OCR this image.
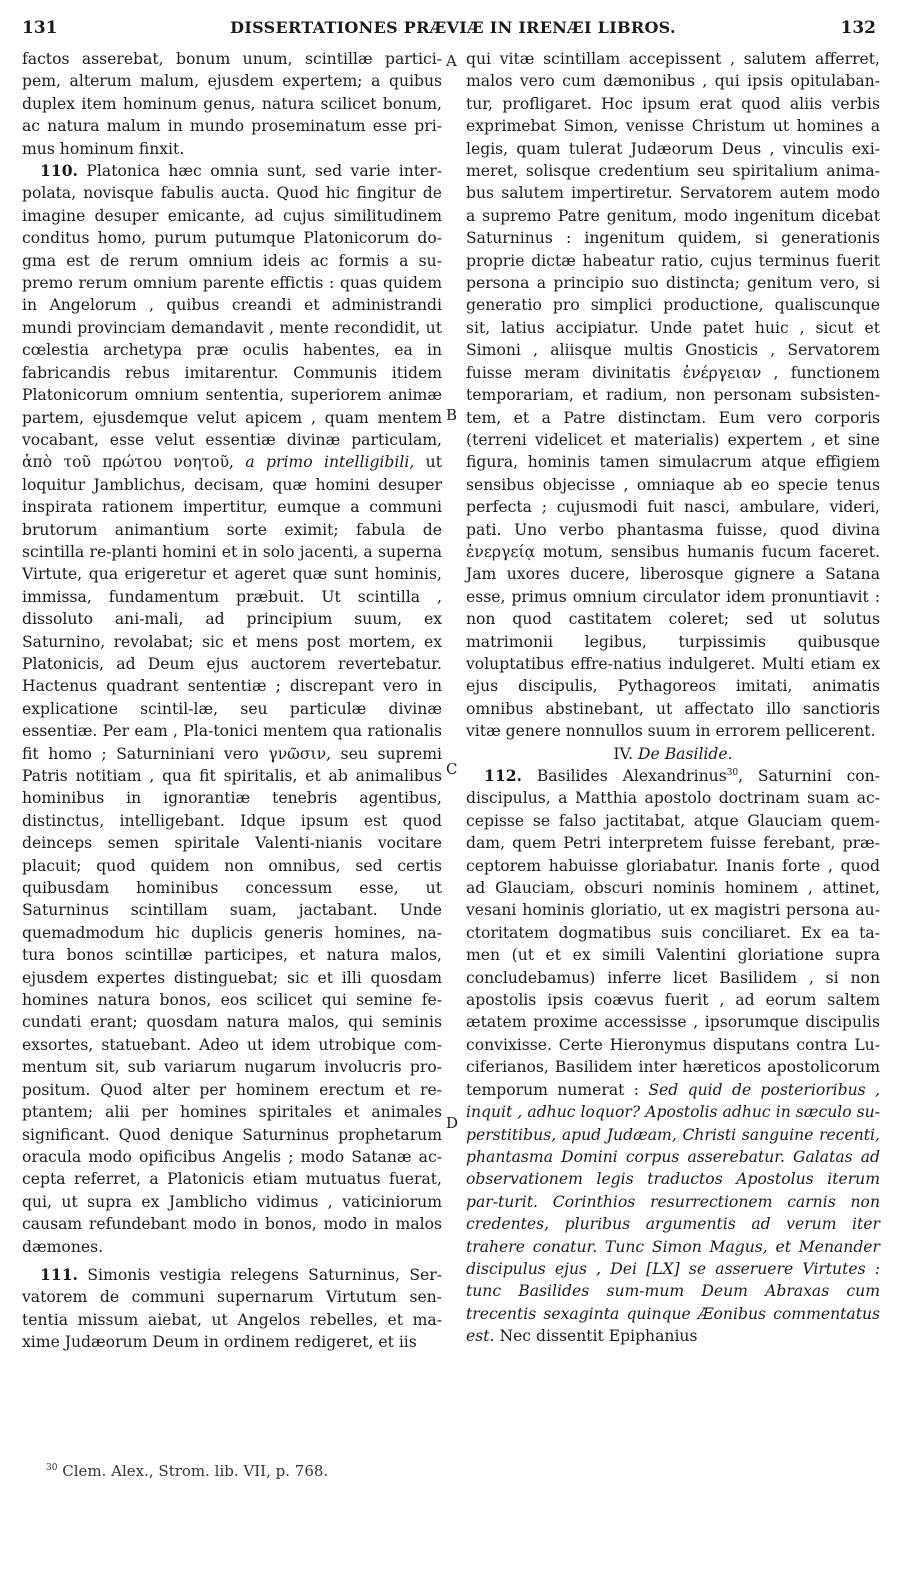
131	DISSERTATIONES PRÆVIÆ IN IRENÆI LIBROS.	132

factos asserebat, bonum unum, scintillæ partici-pem, alterum malum, ejusdem expertem; a quibus duplex item hominum genus, natura scilicet bonum, ac natura malum in mundo proseminatum esse pri-mus hominum finxit.

110. Platonica hæc omnia sunt, sed varie inter-polata, novisque fabulis aucta. Quod hic fingitur de imagine desuper emicante, ad cujus similitudinem conditus homo, purum putumque Platonicorum do-gma est de rerum omnium ideis ac formis a su-premo rerum omnium parente effictis : quas quidem in Angelorum , quibus creandi et administrandi mundi provinciam demandavit , mente recondidit, ut cœlestia archetypa præ oculis habentes, ea in fabricandis rebus imitarentur. Communis itidem Platonicorum omnium sententia, superiorem animæ partem, ejusdemque velut apicem , quam mentem vocabant, esse velut essentiæ divinæ particulam, ἀπὸ τοῦ πρώτου νοητοῦ, a primo intelligibili, ut loquitur Jamblichus, decisam, quæ homini desuper inspirata rationem impertitur, eumque a communi brutorum animantium sorte eximit; fabula de scintilla re-planti homini et in solo jacenti, a superna Virtute, qua erigeretur et ageret quæ sunt hominis, immissa, fundamentum præbuit. Ut scintilla , dissoluto ani-mali, ad principium suum, ex Saturnino, revolabat; sic et mens post mortem, ex Platonicis, ad Deum ejus auctorem revertebatur. Hactenus quadrant sententiæ ; discrepant vero in explicatione scintil-læ, seu particulæ divinæ essentiæ. Per eam , Pla-tonici mentem qua rationalis fit homo ; Saturniniani vero γνῶσιν, seu supremi Patris notitiam , qua fit spiritalis, et ab animalibus hominibus in ignorantiæ tenebris agentibus, distinctus, intelligebant. Idque ipsum est quod deinceps semen spiritale Valenti-nianis vocitare placuit; quod quidem non omnibus, sed certis quibusdam hominibus concessum esse, ut Saturninus scintillam suam, jactabant. Unde quemadmodum hic duplicis generis homines, na-tura bonos scintillæ participes, et natura malos, ejusdem expertes distinguebat; sic et illi quosdam homines natura bonos, eos scilicet qui semine fe-cundati erant; quosdam natura malos, qui seminis exsortes, statuebant. Adeo ut idem utrobique com-mentum sit, sub variarum nugarum involucris pro-positum. Quod alter per hominem erectum et re-ptantem; alii per homines spiritales et animales significant. Quod denique Saturninus prophetarum oracula modo opificibus Angelis ; modo Satanæ ac-cepta referret, a Platonicis etiam mutuatus fuerat, qui, ut supra ex Jamblicho vidimus , vaticiniorum causam refundebant modo in bonos, modo in malos dæmones.

111. Simonis vestigia relegens Saturninus, Ser-vatorem de communi supernarum Virtutum sen-tentia missum aiebat, ut Angelos rebelles, et ma-xime Judæorum Deum in ordinem redigeret, et iis

A
B
C
D

qui vitæ scintillam accepissent , salutem afferret, malos vero cum dæmonibus , qui ipsis opitulaban-tur, profligaret. Hoc ipsum erat quod aliis verbis exprimebat Simon, venisse Christum ut homines a legis, quam tulerat Judæorum Deus , vinculis exi-meret, solisque credentium seu spiritalium anima-bus salutem impertiretur. Servatorem autem modo a supremo Patre genitum, modo ingenitum dicebat Saturninus : ingenitum quidem, si generationis proprie dictæ habeatur ratio, cujus terminus fuerit persona a principio suo distincta; genitum vero, si generatio pro simplici productione, qualiscunque sit, latius accipiatur. Unde patet huic , sicut et Simoni , aliisque multis Gnosticis , Servatorem fuisse meram divinitatis ἐνέργειαν , functionem temporariam, et radium, non personam subsisten-tem, et a Patre distinctam. Eum vero corporis (terreni videlicet et materialis) expertem , et sine figura, hominis tamen simulacrum atque effigiem sensibus objecisse , omniaque ab eo specie tenus perfecta ; cujusmodi fuit nasci, ambulare, videri, pati. Uno verbo phantasma fuisse, quod divina ἐνεργείᾳ motum, sensibus humanis fucum faceret. Jam uxores ducere, liberosque gignere a Satana esse, primus omnium circulator idem pronuntiavit : non quod castitatem coleret; sed ut solutus matrimonii legibus, turpissimis quibusque voluptatibus effre-natius indulgeret. Multi etiam ex ejus discipulis, Pythagoreos imitati, animatis omnibus abstinebant, ut affectato illo sanctioris vitæ genere nonnullos suum in errorem pellicerent.

IV. De Basilide.

112. Basilides Alexandrinus$^{30}$, Saturnini con-discipulus, a Matthia apostolo doctrinam suam ac-cepisse se falso jactitabat, atque Glauciam quem-dam, quem Petri interpretem fuisse ferebant, præ-ceptorem habuisse gloriabatur. Inanis forte , quod ad Glauciam, obscuri nominis hominem , attinet, vesani hominis gloriatio, ut ex magistri persona au-ctoritatem dogmatibus suis conciliaret. Ex ea ta-men (ut et ex simili Valentini gloriatione supra concludebamus) inferre licet Basilidem , si non apostolis ipsis coævus fuerit , ad eorum saltem ætatem proxime accessisse , ipsorumque discipulis convixisse. Certe Hieronymus disputans contra Lu-ciferianos, Basilidem inter hæreticos apostolicorum temporum numerat : Sed quid de posterioribus , inquit , adhuc loquor? Apostolis adhuc in sæculo su-perstitibus, apud Judæam, Christi sanguine recenti, phantasma Domini corpus asserebatur. Galatas ad observationem legis traductos Apostolus iterum par-turit. Corinthios resurrectionem carnis non credentes, pluribus argumentis ad verum iter trahere conatur. Tunc Simon Magus, et Menander discipulus ejus , Dei [LX] se asseruere Virtutes : tunc Basilides sum-mum Deum Abraxas cum trecentis sexaginta quinque Æonibus commentatus est. Nec dissentit Epiphanius

$^{30}$ Clem. Alex., Strom. lib. VII, p. 768.
